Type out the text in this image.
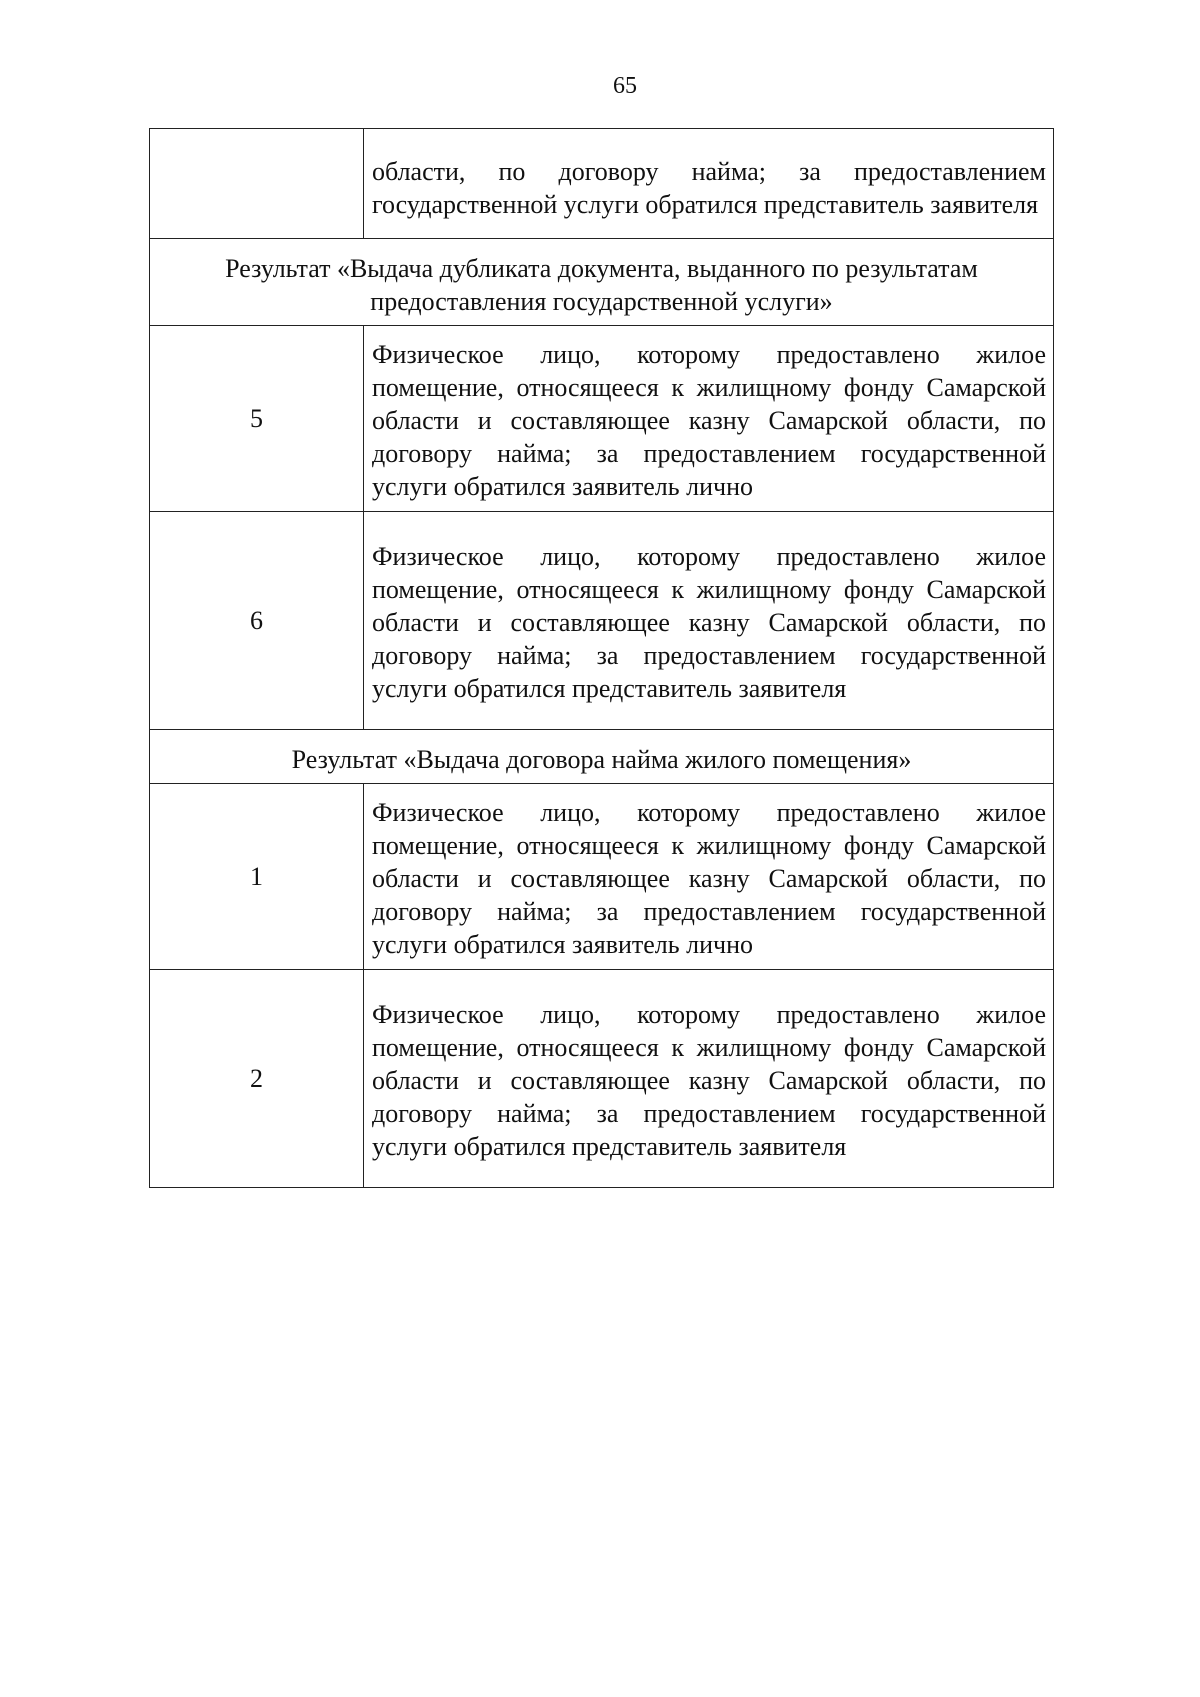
65
	области, по договору найма; за предоставлением государственной услуги обратился представитель заявителя
Результат «Выдача дубликата документа, выданного по результатам предоставления государственной услуги»	
5	Физическое лицо, которому предоставлено жилое помещение, относящееся к жилищному фонду Самарской области и составляющее казну Самарской области, по договору найма; за предоставлением государственной услуги обратился заявитель лично
6	Физическое лицо, которому предоставлено жилое помещение, относящееся к жилищному фонду Самарской области и составляющее казну Самарской области, по договору найма; за предоставлением государственной услуги обратился представитель заявителя
Результат «Выдача договора найма жилого помещения»	
1	Физическое лицо, которому предоставлено жилое помещение, относящееся к жилищному фонду Самарской области и составляющее казну Самарской области, по договору найма; за предоставлением государственной услуги обратился заявитель лично
2	Физическое лицо, которому предоставлено жилое помещение, относящееся к жилищному фонду Самарской области и составляющее казну Самарской области, по договору найма; за предоставлением государственной услуги обратился представитель заявителя
